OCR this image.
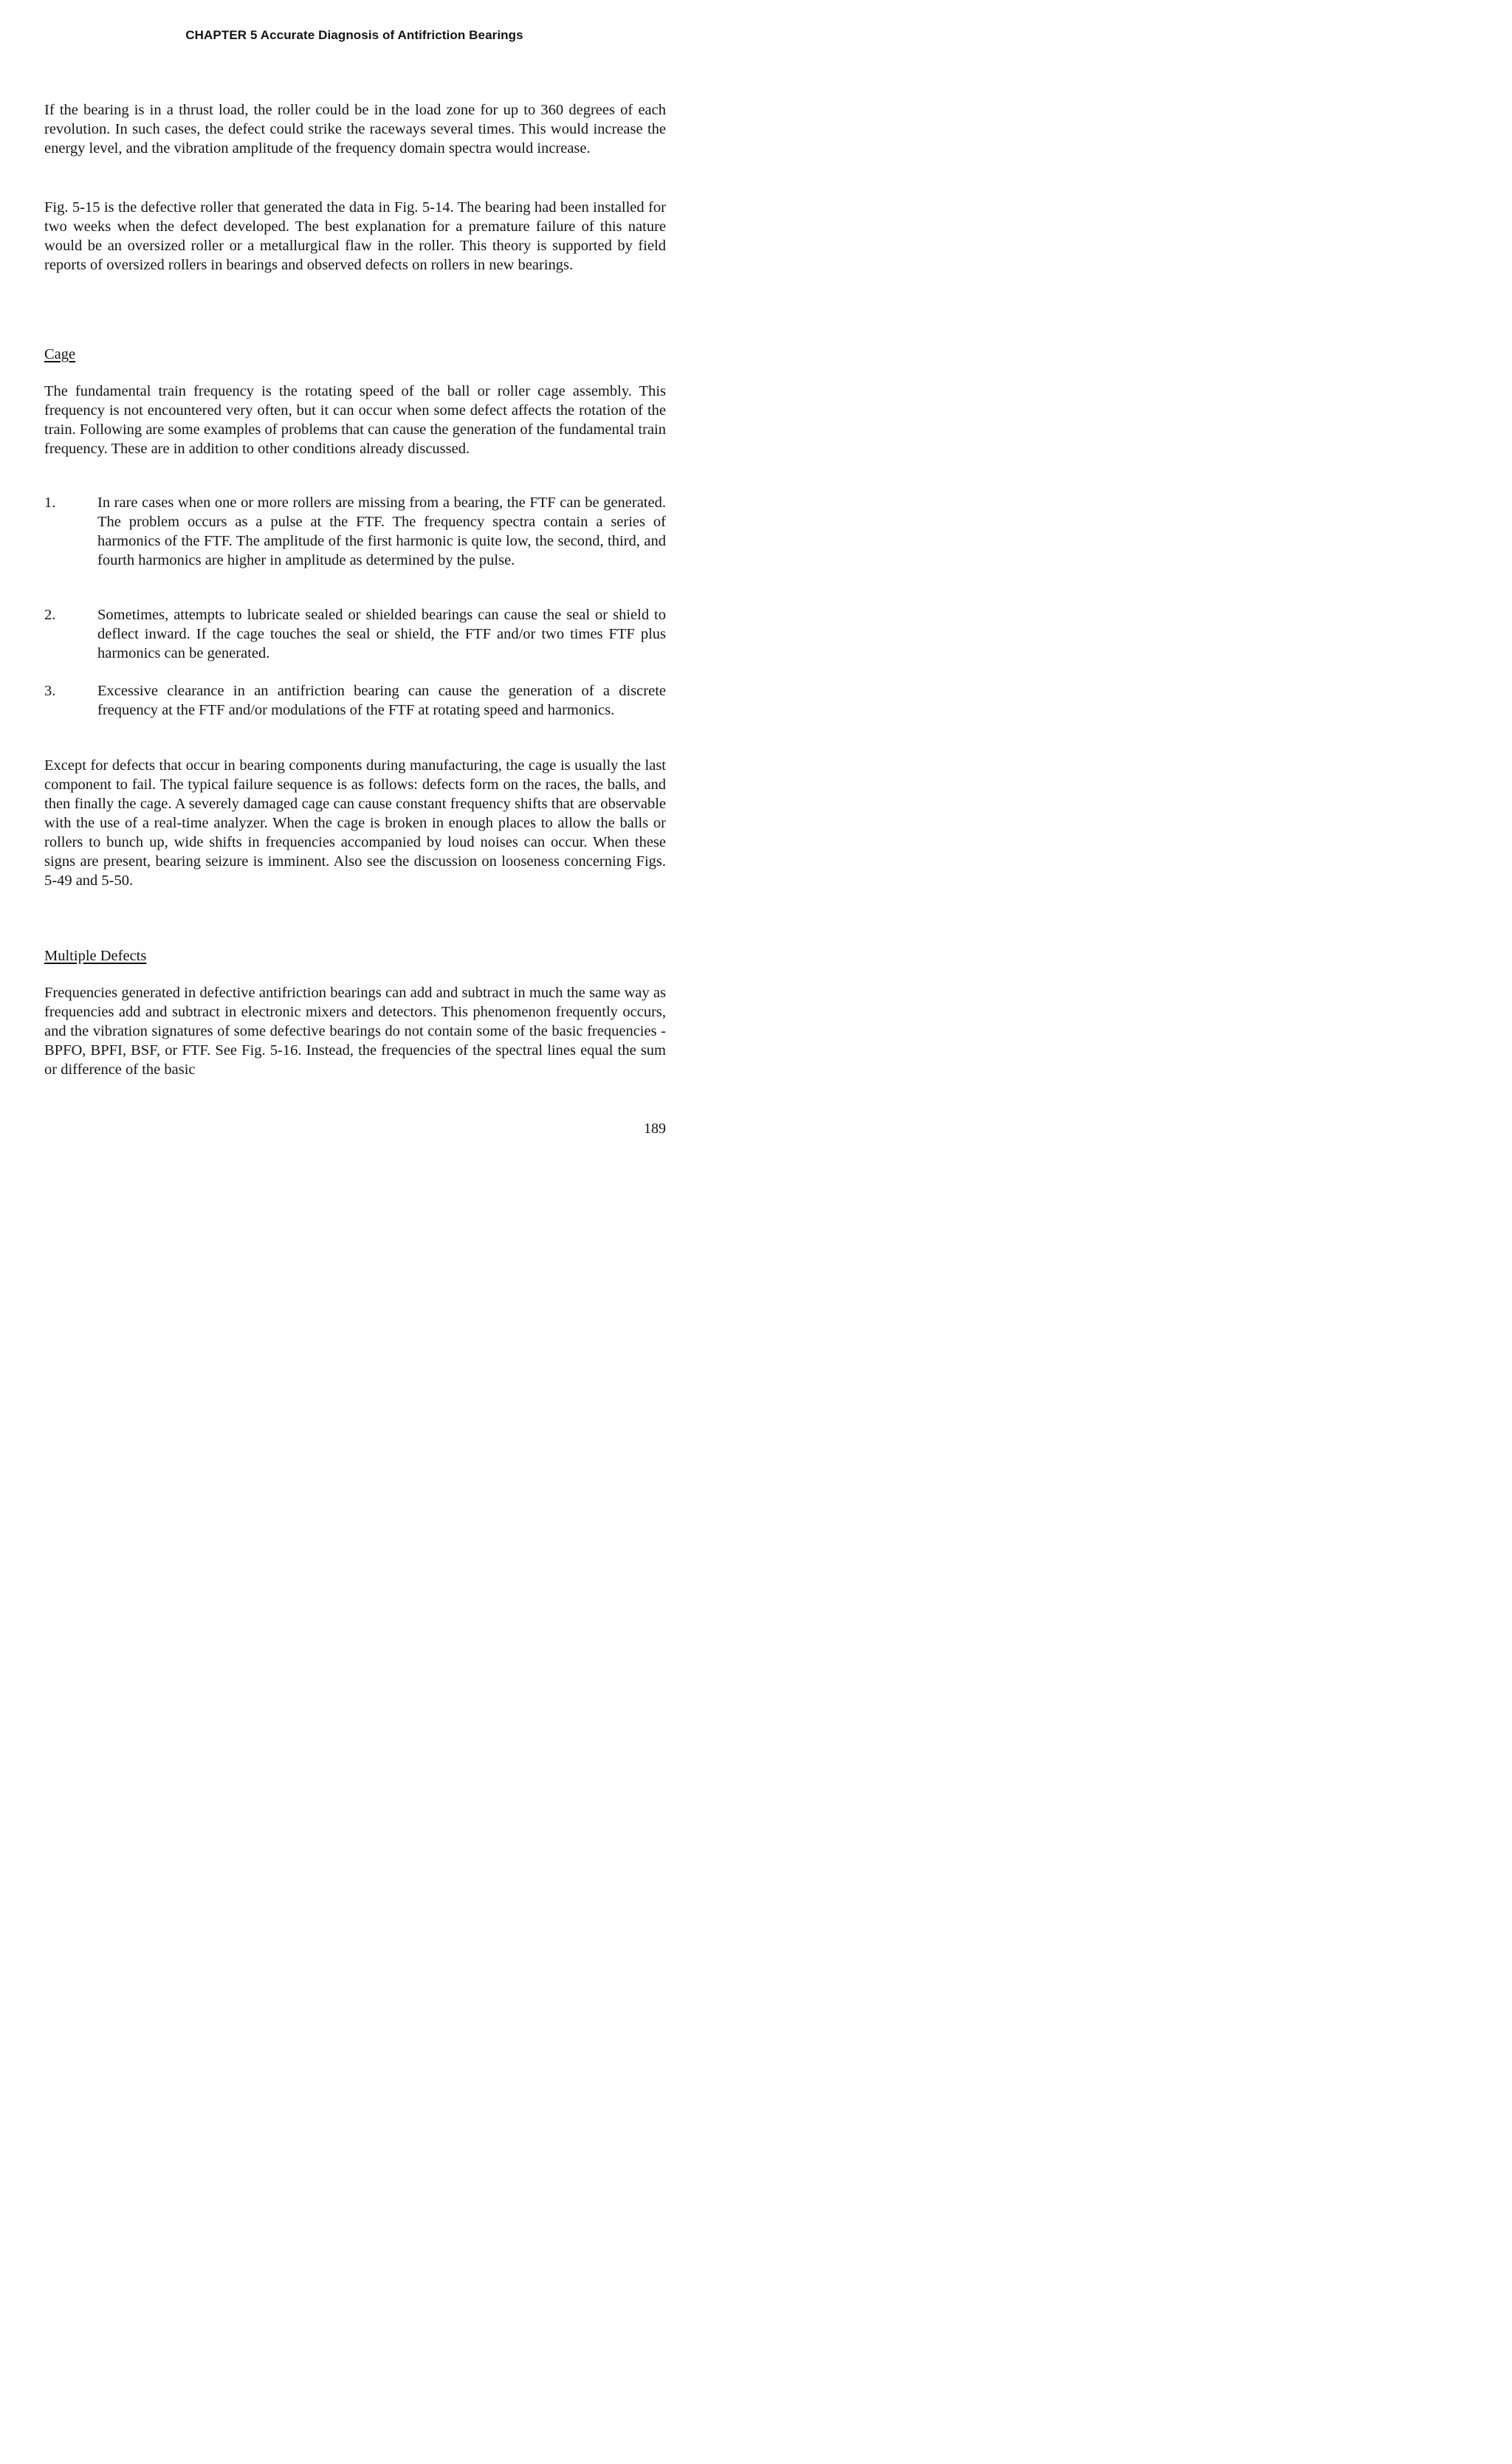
CHAPTER 5 Accurate Diagnosis of Antifriction Bearings

If the bearing is in a thrust load, the roller could be in the load zone for up to 360 degrees of each revolution. In such cases, the defect could strike the raceways several times. This would increase the energy level, and the vibration amplitude of the frequency domain spectra would increase.

Fig. 5-15 is the defective roller that generated the data in Fig. 5-14. The bearing had been installed for two weeks when the defect developed. The best explanation for a premature failure of this nature would be an oversized roller or a metallurgical flaw in the roller. This theory is supported by field reports of oversized rollers in bearings and observed defects on rollers in new bearings.

Cage

The fundamental train frequency is the rotating speed of the ball or roller cage assembly. This frequency is not encountered very often, but it can occur when some defect affects the rotation of the train. Following are some examples of problems that can cause the generation of the fundamental train frequency. These are in addition to other conditions already discussed.

1.	In rare cases when one or more rollers are missing from a bearing, the FTF can be generated. The problem occurs as a pulse at the FTF. The frequency spectra contain a series of harmonics of the FTF. The amplitude of the first harmonic is quite low, the second, third, and fourth harmonics are higher in amplitude as determined by the pulse.
2.	Sometimes, attempts to lubricate sealed or shielded bearings can cause the seal or shield to deflect inward. If the cage touches the seal or shield, the FTF and/or two times FTF plus harmonics can be generated.
3.	Excessive clearance in an antifriction bearing can cause the generation of a discrete frequency at the FTF and/or modulations of the FTF at rotating speed and harmonics.

Except for defects that occur in bearing components during manufacturing, the cage is usually the last component to fail. The typical failure sequence is as follows: defects form on the races, the balls, and then finally the cage. A severely damaged cage can cause constant frequency shifts that are observable with the use of a real-time analyzer. When the cage is broken in enough places to allow the balls or rollers to bunch up, wide shifts in frequencies accompanied by loud noises can occur. When these signs are present, bearing seizure is imminent. Also see the discussion on looseness concerning Figs. 5-49 and 5-50.

Multiple Defects

Frequencies generated in defective antifriction bearings can add and subtract in much the same way as frequencies add and subtract in electronic mixers and detectors. This phenomenon frequently occurs, and the vibration signatures of some defective bearings do not contain some of the basic frequencies - BPFO, BPFI, BSF, or FTF. See Fig. 5-16. Instead, the frequencies of the spectral lines equal the sum or difference of the basic

189
